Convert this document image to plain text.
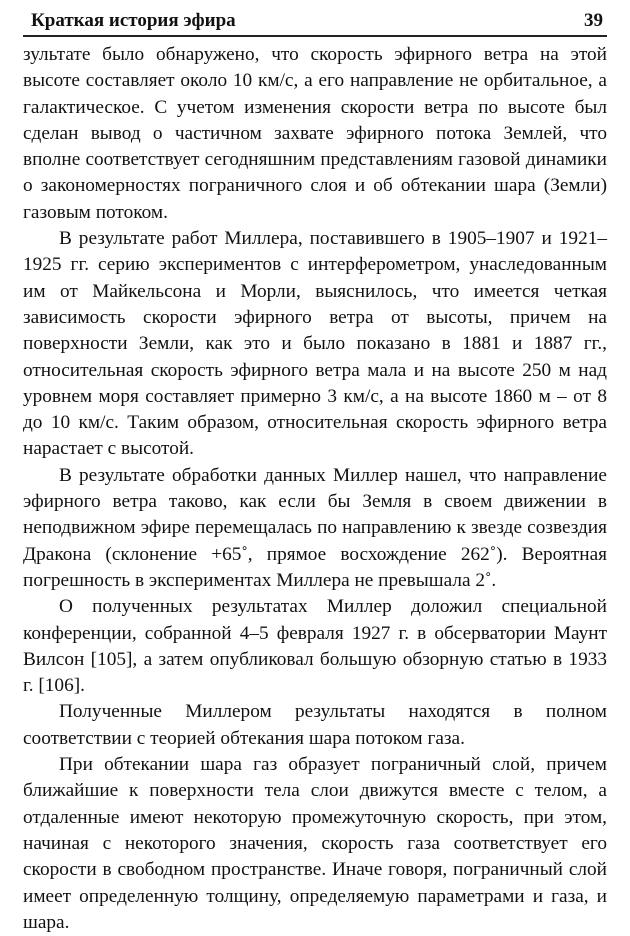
Краткая история эфира	39

зультате было обнаружено, что скорость эфирного ветра на этой высоте составляет около 10 км/с, а его направление не орбитальное, а галактическое. С учетом изменения скорости ветра по высоте был сделан вывод о частичном захвате эфирного потока Землей, что вполне соответствует сегодняшним представлениям газовой динамики о закономерностях пограничного слоя и об обтекании шара (Земли) газовым потоком.

В результате работ Миллера, поставившего в 1905–1907 и 1921–1925 гг. серию экспериментов с интерферометром, унаследованным им от Майкельсона и Морли, выяснилось, что имеется четкая зависимость скорости эфирного ветра от высоты, причем на поверхности Земли, как это и было показано в 1881 и 1887 гг., относительная скорость эфирного ветра мала и на высоте 250 м над уровнем моря составляет примерно 3 км/с, а на высоте 1860 м – от 8 до 10 км/с. Таким образом, относительная скорость эфирного ветра нарастает с высотой.

В результате обработки данных Миллер нашел, что направление эфирного ветра таково, как если бы Земля в своем движении в неподвижном эфире перемещалась по направлению к звезде созвездия Дракона (склонение +65˚, прямое восхождение 262˚). Вероятная погрешность в экспериментах Миллера не превышала 2˚.

О полученных результатах Миллер доложил специальной конференции, собранной 4–5 февраля 1927 г. в обсерватории Маунт Вилсон [105], а затем опубликовал большую обзорную статью в 1933 г. [106].

Полученные Миллером результаты находятся в полном соответствии с теорией обтекания шара потоком газа.

При обтекании шара газ образует пограничный слой, причем ближайшие к поверхности тела слои движутся вместе с телом, а отдаленные имеют некоторую промежуточную скорость, при этом, начиная с некоторого значения, скорость газа соответствует его скорости в свободном пространстве. Иначе говоря, пограничный слой имеет определенную толщину, определяемую параметрами и газа, и шара.
